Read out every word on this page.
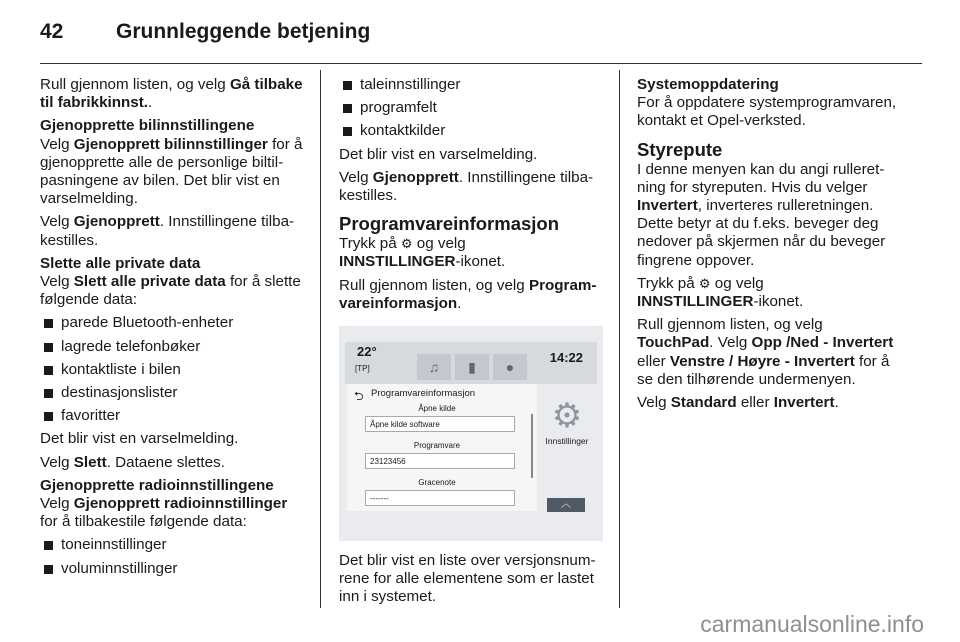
42	Grunnleggende betjening

Rull gjennom listen, og velg Gå tilbake til fabrikkinnst..

Gjenopprette bilinnstillingene

Velg Gjenopprett bilinnstillinger for å gjenopprette alle de personlige biltilpasningene av bilen. Det blir vist en varselmelding.

Velg Gjenopprett. Innstillingene tilbakestilles.

Slette alle private data

Velg Slett alle private data for å slette følgende data:

parede Bluetooth-enheter
lagrede telefonbøker
kontaktliste i bilen
destinasjonslister
favoritter

Det blir vist en varselmelding.

Velg Slett. Dataene slettes.

Gjenopprette radioinnstillingene

Velg Gjenopprett radioinnstillinger for å tilbakestile følgende data:

toneinnstillinger
voluminnstillinger
taleinnstillinger
programfelt
kontaktkilder

Det blir vist en varselmelding.

Velg Gjenopprett. Innstillingene tilbakestilles.

Programvareinformasjon

Trykk på ⚙ og velg
INNSTILLINGER-ikonet.

Rull gjennom listen, og velg Programvareinformasjon.

22°
[TP]	♫	▮	●
14:22
⮌ Programvareinformasjon
Åpne kilde
Åpne kilde software
Programvare
23123456
Gracenote
-------
⚙
Innstillinger
︿

Det blir vist en liste over versjonsnumrene for alle elementene som er lastet inn i systemet.

Systemoppdatering

For å oppdatere systemprogramvaren, kontakt et Opel-verksted.

Styrepute

I denne menyen kan du angi rulleretning for styreputen. Hvis du velger Invertert, inverteres rulleretningen. Dette betyr at du f.eks. beveger deg nedover på skjermen når du beveger fingrene oppover.

Trykk på ⚙ og velg
INNSTILLINGER-ikonet.

Rull gjennom listen, og velg
TouchPad. Velg Opp /Ned - Invertert eller Venstre / Høyre - Invertert for å se den tilhørende undermenyen.

Velg Standard eller Invertert.

carmanualsonline.info
